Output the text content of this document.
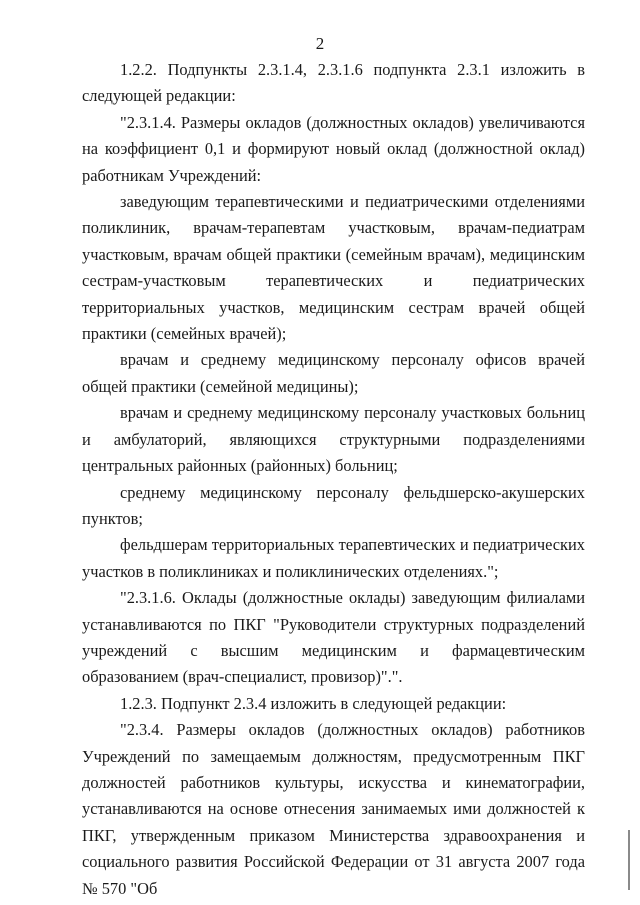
2

1.2.2. Подпункты 2.3.1.4, 2.3.1.6 подпункта 2.3.1 изложить в следующей редакции:

"2.3.1.4. Размеры окладов (должностных окладов) увеличиваются на коэффициент 0,1 и формируют новый оклад (должностной оклад) работникам Учреждений:

заведующим терапевтическими и педиатрическими отделениями поликлиник, врачам-терапевтам участковым, врачам-педиатрам участковым, врачам общей практики (семейным врачам), медицинским сестрам-участковым терапевтических и педиатрических территориальных участков, медицинским сестрам врачей общей практики (семейных врачей);

врачам и среднему медицинскому персоналу офисов врачей общей практики (семейной медицины);

врачам и среднему медицинскому персоналу участковых больниц и амбулаторий, являющихся структурными подразделениями центральных районных (районных) больниц;

среднему медицинскому персоналу фельдшерско-акушерских пунктов;

фельдшерам территориальных терапевтических и педиатрических участков в поликлиниках и поликлинических отделениях.";

"2.3.1.6. Оклады (должностные оклады) заведующим филиалами устанавливаются по ПКГ "Руководители структурных подразделений учреждений с высшим медицинским и фармацевтическим образованием (врач-специалист, провизор)".".

1.2.3. Подпункт 2.3.4 изложить в следующей редакции:

"2.3.4. Размеры окладов (должностных окладов) работников Учреждений по замещаемым должностям, предусмотренным ПКГ должностей работников культуры, искусства и кинематографии, устанавливаются на основе отнесения занимаемых ими должностей к ПКГ, утвержденным приказом Министерства здравоохранения и социального развития Российской Федерации от 31 августа 2007 года № 570 "Об
